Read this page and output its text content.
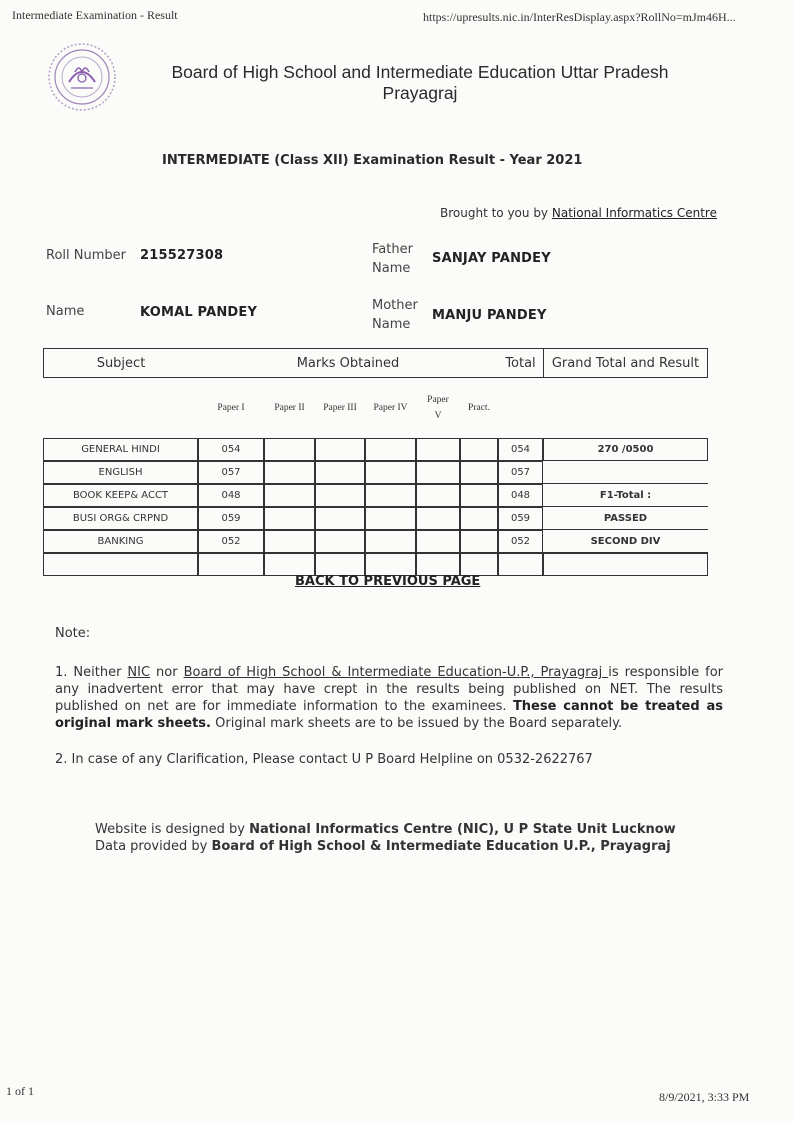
Intermediate Examination - Result	https://upresults.nic.in/InterResDisplay.aspx?RollNo=mJm46H...
Board of High School and Intermediate Education Uttar Pradesh
Prayagraj
INTERMEDIATE (Class XII) Examination Result - Year 2021
Brought to you by National Informatics Centre
Roll Number 215527308
Name	KOMAL PANDEY
Father
Name
SANJAY PANDEY
Mother
Name
MANJU PANDEY
Subject	Marks Obtained						Total	Grand Total and Result
	Paper I	Paper II	Paper III	Paper IV	Paper
V	Pract.		
GENERAL HINDI	054						054	270 /0500
ENGLISH	057						057	
BOOK KEEP& ACCT	048						048	F1-Total :
BUSI ORG& CRPND	059						059	PASSED
BANKING	052						052	SECOND DIV

BACK TO PREVIOUS PAGE
Note:
1. Neither NIC nor Board of High School & Intermediate Education-U.P., Prayagraj is responsible for any inadvertent error that may have crept in the results being published on NET. The results published on net are for immediate information to the examinees. These cannot be treated as original mark sheets. Original mark sheets are to be issued by the Board separately.
2. In case of any Clarification, Please contact U P Board Helpline on 0532-2622767
Website is designed by National Informatics Centre (NIC), U P State Unit Lucknow
Data provided by Board of High School & Intermediate Education U.P., Prayagraj
1 of 1	8/9/2021, 3:33 PM
